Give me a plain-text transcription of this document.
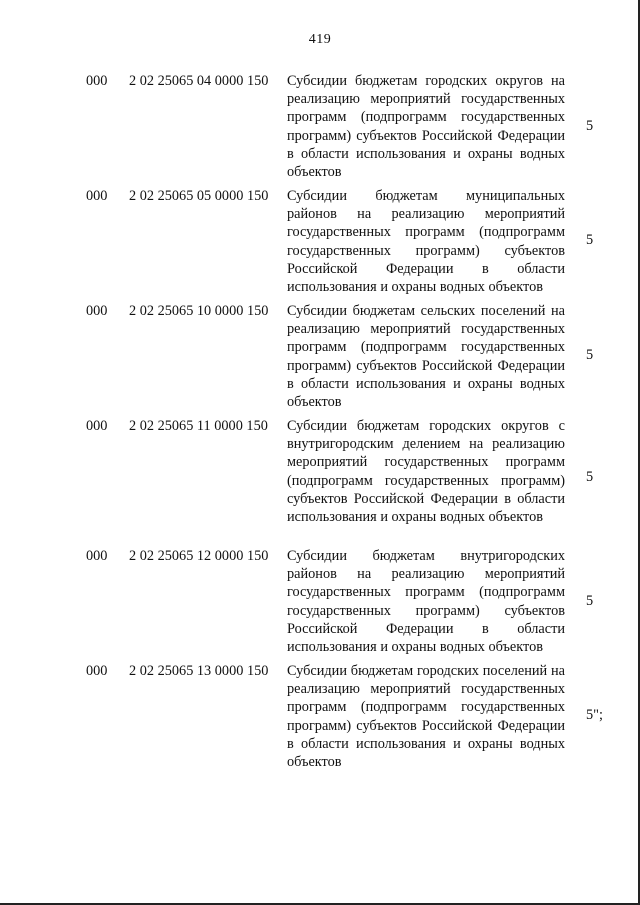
419
000 2 02 25065 04 0000 150 Субсидии бюджетам городских округов на реализацию мероприятий государственных программ (подпрограмм государственных программ) субъектов Российской Федерации в области использования и охраны водных объектов
5
000 2 02 25065 05 0000 150 Субсидии бюджетам муниципальных районов на реализацию мероприятий государственных программ (подпрограмм государственных программ) субъектов Российской Федерации в области использования и охраны водных объектов
5
000 2 02 25065 10 0000 150 Субсидии бюджетам сельских поселений на реализацию мероприятий государственных программ (подпрограмм государственных программ) субъектов Российской Федерации в области использования и охраны водных объектов
5
000 2 02 25065 11 0000 150 Субсидии бюджетам городских округов с внутригородским делением на реализацию мероприятий государственных программ (подпрограмм государственных программ) субъектов Российской Федерации в области использования и охраны водных объектов
5
000 2 02 25065 12 0000 150 Субсидии бюджетам внутригородских районов на реализацию мероприятий государственных программ (подпрограмм государственных программ) субъектов Российской Федерации в области использования и охраны водных объектов
5
000 2 02 25065 13 0000 150 Субсидии бюджетам городских поселений на реализацию мероприятий государственных программ (подпрограмм государственных программ) субъектов Российской Федерации в области использования и охраны водных объектов
5";
